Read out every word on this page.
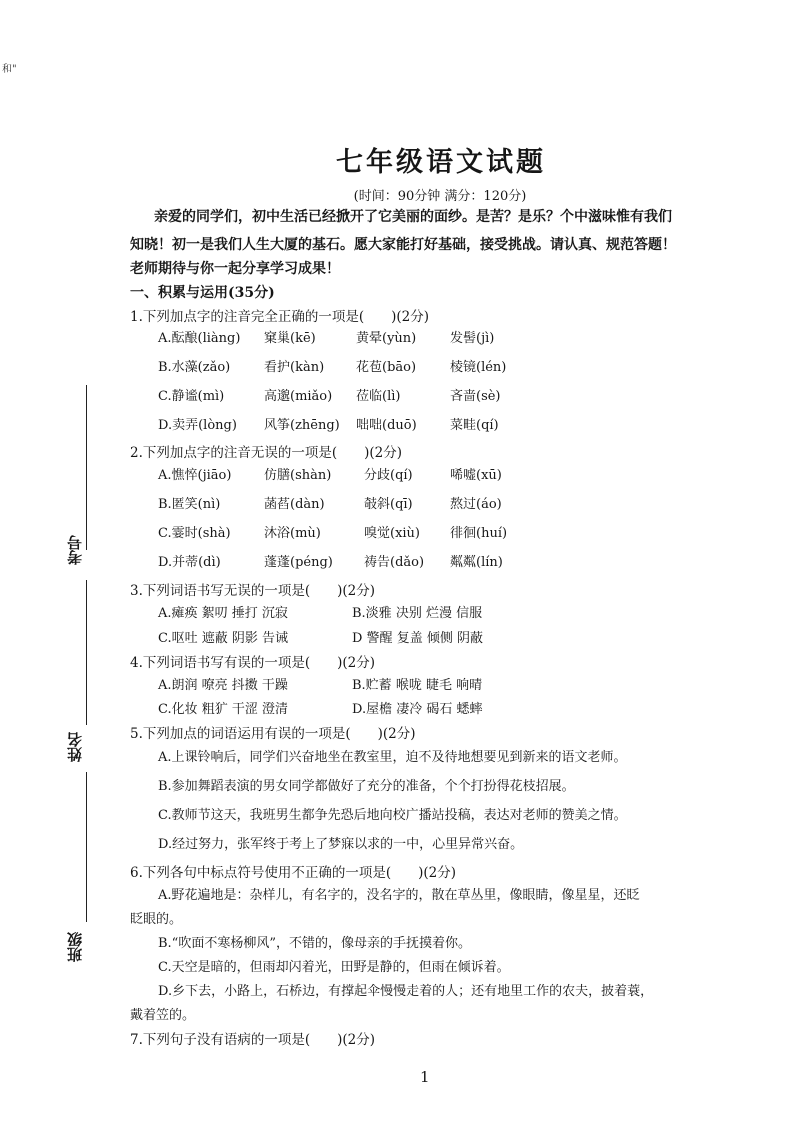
和"
七年级语文试题
(时间：90分钟 满分：120分)
亲爱的同学们，初中生活已经掀开了它美丽的面纱。是苦？是乐？个中滋味惟有我们
知晓！初一是我们人生大厦的基石。愿大家能打好基础，接受挑战。请认真、规范答题！
老师期待与你一起分享学习成果！
一、积累与运用(35分)
考号
姓名
班级
1.下列加点字的注音完全正确的一项是(　　)(2分)
A.酝酿(liàng) 窠巢(kē)	黄晕(yùn)	发髻(jì)
B.水藻(zǎo)	看护(kàn) 花苞(bāo)	棱镜(lén)
C.静谧(mì)	高邈(miǎo) 莅临(lì)	吝啬(sè)
D.卖弄(lòng) 风筝(zhēng) 咄咄(duō)	菜畦(qí)
2.下列加点字的注音无误的一项是(　　)(2分)
A.憔悴(jiāo)	仿膳(shàn)	分歧(qí)	唏嘘(xū)
B.匿笑(nì)	菡萏(dàn)	攲斜(qī)	熬过(áo)
C.霎时(shà)	沐浴(mù)	嗅觉(xiù) 徘徊(huí)
D.并蒂(dì)	蓬蓬(péng) 祷告(dǎo) 粼粼(lín)
3.下列词语书写无误的一项是(　　)(2分)
A.瘫痪 絮叨 捶打 沉寂	B.淡雅 决别 烂漫 信服
C.呕吐 遮蔽 阴影 告诫	D 警醒 复盖 倾侧 阴蔽
4.下列词语书写有误的一项是(　　)(2分)
A.朗润 嘹亮 抖擞 干躁	B.贮蓄 喉咙 睫毛 响晴
C.化妆 粗犷 干涩 澄清	D.屋檐 凄冷 碣石 蟋蟀
5.下列加点的词语运用有误的一项是(　　)(2分)
A.上课铃响后，同学们兴奋地坐在教室里，迫不及待地想要见到新来的语文老师。
B.参加舞蹈表演的男女同学都做好了充分的准备，个个打扮得花枝招展。
C.教师节这天，我班男生都争先恐后地向校广播站投稿，表达对老师的赞美之情。
D.经过努力，张军终于考上了梦寐以求的一中，心里异常兴奋。
6.下列各句中标点符号使用不正确的一项是(　　)(2分)
A.野花遍地是：杂样儿，有名字的，没名字的，散在草丛里，像眼睛，像星星，还眨
眨眼的。
B.“吹面不寒杨柳风”，不错的，像母亲的手抚摸着你。
C.天空是暗的，但雨却闪着光，田野是静的，但雨在倾诉着。
D.乡下去，小路上，石桥边，有撑起伞慢慢走着的人；还有地里工作的农夫，披着蓑，
戴着笠的。
7.下列句子没有语病的一项是(　　)(2分)
1
